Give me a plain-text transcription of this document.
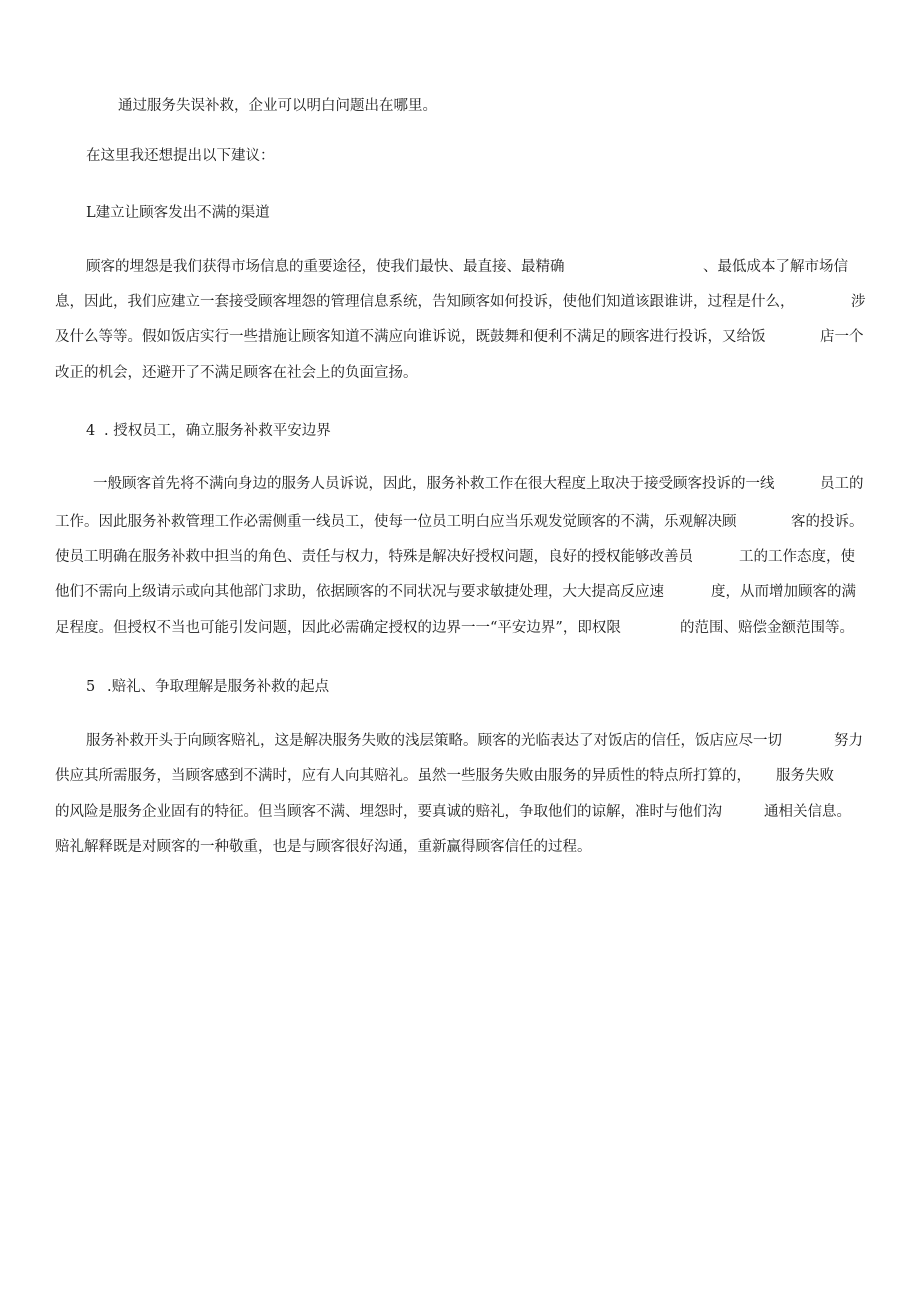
通过服务失误补救，企业可以明白问题出在哪里。
在这里我还想提出以下建议：
L建立让顾客发出不满的渠道
顾客的埋怨是我们获得市场信息的重要途径，使我们最快、最直接、最精确	、最低成本了解市场信
息，因此，我们应建立一套接受顾客埋怨的管理信息系统，告知顾客如何投诉，使他们知道该跟谁讲，过程是什么，	涉
及什么等等。假如饭店实行一些措施让顾客知道不满应向谁诉说，既鼓舞和便利不满足的顾客进行投诉，又给饭	店一个
改正的机会，还避开了不满足顾客在社会上的负面宣扬。
4 . 授权员工，确立服务补救平安边界
一般顾客首先将不满向身边的服务人员诉说，因此，服务补救工作在很大程度上取决于接受顾客投诉的一线	员工的
工作。因此服务补救管理工作必需侧重一线员工，使每一位员工明白应当乐观发觉顾客的不满，乐观解决顾	客的投诉。
使员工明确在服务补救中担当的角色、责任与权力，特殊是解决好授权问题，良好的授权能够改善员	工的工作态度，使
他们不需向上级请示或向其他部门求助，依据顾客的不同状况与要求敏捷处理，大大提高反应速	度，从而增加顾客的满
足程度。但授权不当也可能引发问题，因此必需确定授权的边界一一“平安边界”，即权限	的范围、赔偿金额范围等。
5 .赔礼、争取理解是服务补救的起点
服务补救开头于向顾客赔礼，这是解决服务失败的浅层策略。顾客的光临表达了对饭店的信任，饭店应尽一切	努力
供应其所需服务，当顾客感到不满时，应有人向其赔礼。虽然一些服务失败由服务的异质性的特点所打算的， 服务失败
的风险是服务企业固有的特征。但当顾客不满、埋怨时，要真诚的赔礼，争取他们的谅解，准时与他们沟	通相关信息。
赔礼解释既是对顾客的一种敬重，也是与顾客很好沟通，重新赢得顾客信任的过程。
